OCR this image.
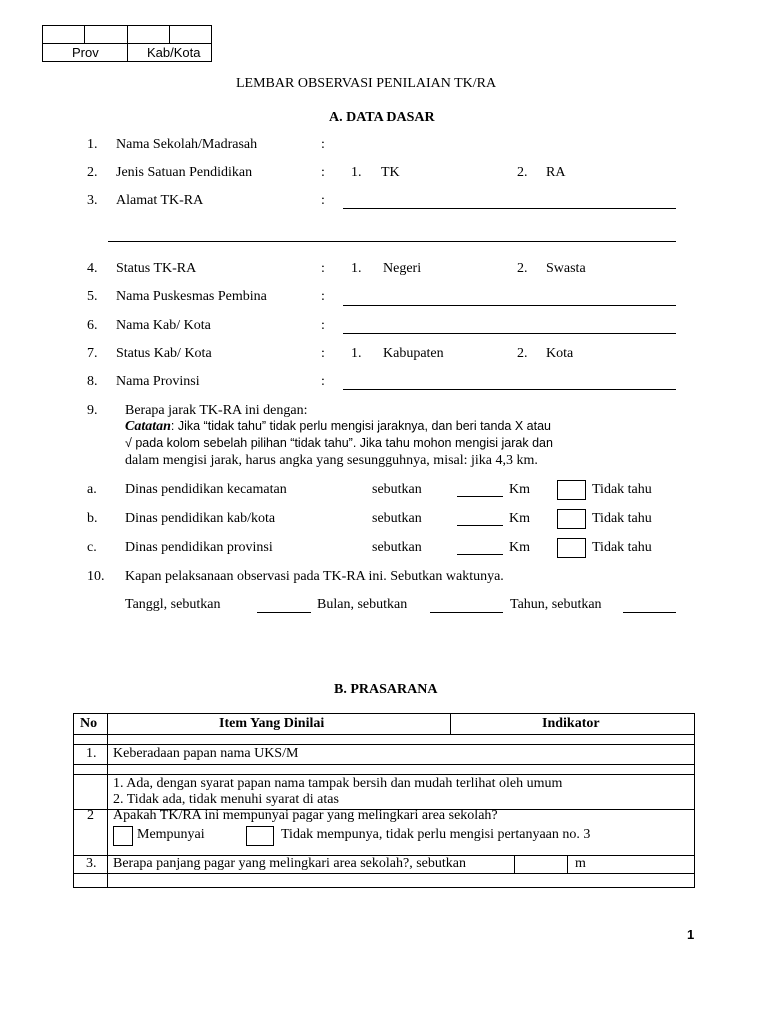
Prov	Kab/Kota
LEMBAR OBSERVASI PENILAIAN TK/RA
A. DATA DASAR
1. Nama Sekolah/Madrasah	:
2. Jenis Satuan Pendidikan	: 1. TK	2. RA
3. Alamat TK-RA	:
4. Status TK-RA	: 1. Negeri	2. Swasta
5. Nama Puskesmas Pembina	:
6. Nama Kab/ Kota	:
7. Status Kab/ Kota	: 1. Kabupaten	2. Kota
8. Nama Provinsi	:
9. Berapa jarak TK-RA ini dengan:
Catatan: Jika “tidak tahu” tidak perlu mengisi jaraknya, dan beri tanda X atau
√ pada kolom sebelah pilihan “tidak tahu”. Jika tahu mohon mengisi jarak dan
dalam mengisi jarak, harus angka yang sesungguhnya, misal: jika 4,3 km.
a. Dinas pendidikan kecamatan	sebutkan	Km	Tidak tahu
b. Dinas pendidikan kab/kota	sebutkan	Km	Tidak tahu
c. Dinas pendidikan provinsi	sebutkan	Km	Tidak tahu
10. Kapan pelaksanaan observasi pada TK-RA ini. Sebutkan waktunya.
Tanggl, sebutkan	Bulan, sebutkan	Tahun, sebutkan
B. PRASARANA
No	Item Yang Dinilai	Indikator
1. Keberadaan papan nama UKS/M
1. Ada, dengan syarat papan nama tampak bersih dan mudah terlihat oleh umum
2. Tidak ada, tidak menuhi syarat di atas
2 Apakah TK/RA ini mempunyai pagar yang melingkari area sekolah?
Mempunyai	Tidak mempunya, tidak perlu mengisi pertanyaan no. 3
3. Berapa panjang pagar yang melingkari area sekolah?, sebutkan	m
1
